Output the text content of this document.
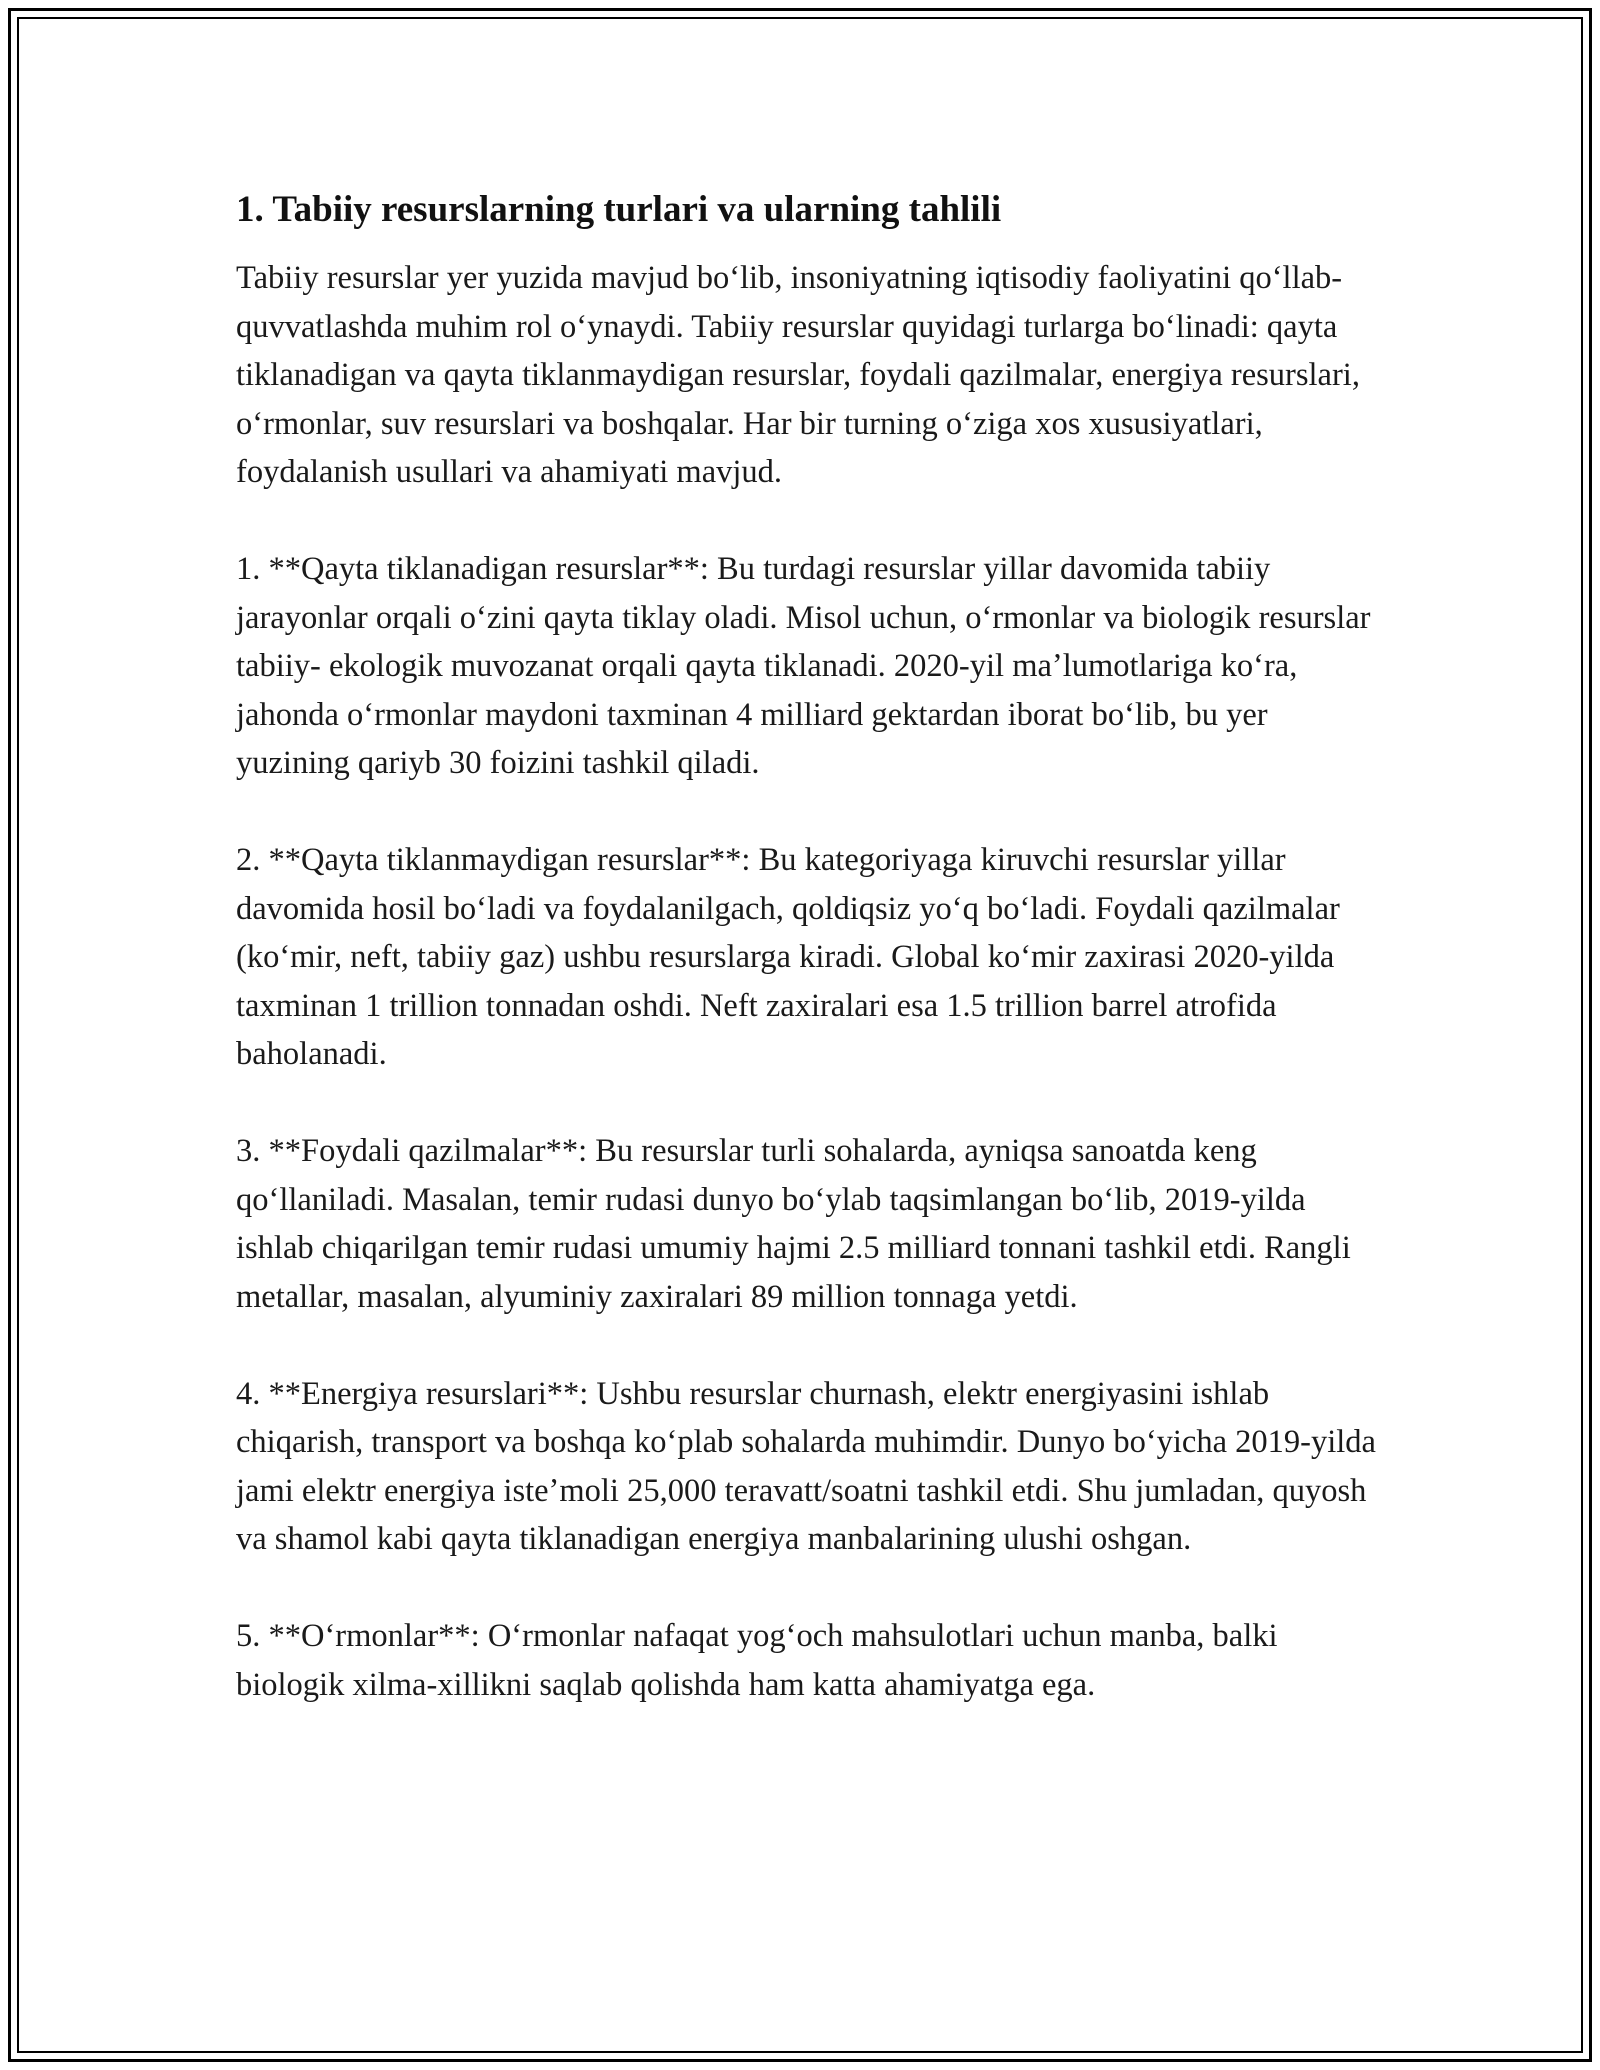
1. Tabiiy resurslarning turlari va ularning tahlili

Tabiiy resurslar yer yuzida mavjud boʻlib, insoniyatning iqtisodiy faoliyatini qoʻllab-quvvatlashda muhim rol oʻynaydi. Tabiiy resurslar quyidagi turlarga boʻlinadi: qayta tiklanadigan va qayta tiklanmaydigan resurslar, foydali qazilmalar, energiya resurslari, oʻrmonlar, suv resurslari va boshqalar. Har bir turning oʻziga xos xususiyatlari, foydalanish usullari va ahamiyati mavjud.

1. **Qayta tiklanadigan resurslar**: Bu turdagi resurslar yillar davomida tabiiy jarayonlar orqali oʻzini qayta tiklay oladi. Misol uchun, oʻrmonlar va biologik resurslar tabiiy- ekologik muvozanat orqali qayta tiklanadi. 2020-yil maʼlumotlariga koʻra, jahonda oʻrmonlar maydoni taxminan 4 milliard gektardan iborat boʻlib, bu yer yuzining qariyb 30 foizini tashkil qiladi.

2. **Qayta tiklanmaydigan resurslar**: Bu kategoriyaga kiruvchi resurslar yillar davomida hosil boʻladi va foydalanilgach, qoldiqsiz yoʻq boʻladi. Foydali qazilmalar (koʻmir, neft, tabiiy gaz) ushbu resurslarga kiradi. Global koʻmir zaxirasi 2020-yilda taxminan 1 trillion tonnadan oshdi. Neft zaxiralari esa 1.5 trillion barrel atrofida baholanadi.

3. **Foydali qazilmalar**: Bu resurslar turli sohalarda, ayniqsa sanoatda keng qoʻllaniladi. Masalan, temir rudasi dunyo boʻylab taqsimlangan boʻlib, 2019-yilda ishlab chiqarilgan temir rudasi umumiy hajmi 2.5 milliard tonnani tashkil etdi. Rangli metallar, masalan, alyuminiy zaxiralari 89 million tonnaga yetdi.

4. **Energiya resurslari**: Ushbu resurslar churnash, elektr energiyasini ishlab chiqarish, transport va boshqa koʻplab sohalarda muhimdir. Dunyo boʻyicha 2019-yilda jami elektr energiya isteʼmoli 25,000 teravatt/soatni tashkil etdi. Shu jumladan, quyosh va shamol kabi qayta tiklanadigan energiya manbalarining ulushi oshgan.

5. **Oʻrmonlar**: Oʻrmonlar nafaqat yogʻoch mahsulotlari uchun manba, balki biologik xilma-xillikni saqlab qolishda ham katta ahamiyatga ega.
